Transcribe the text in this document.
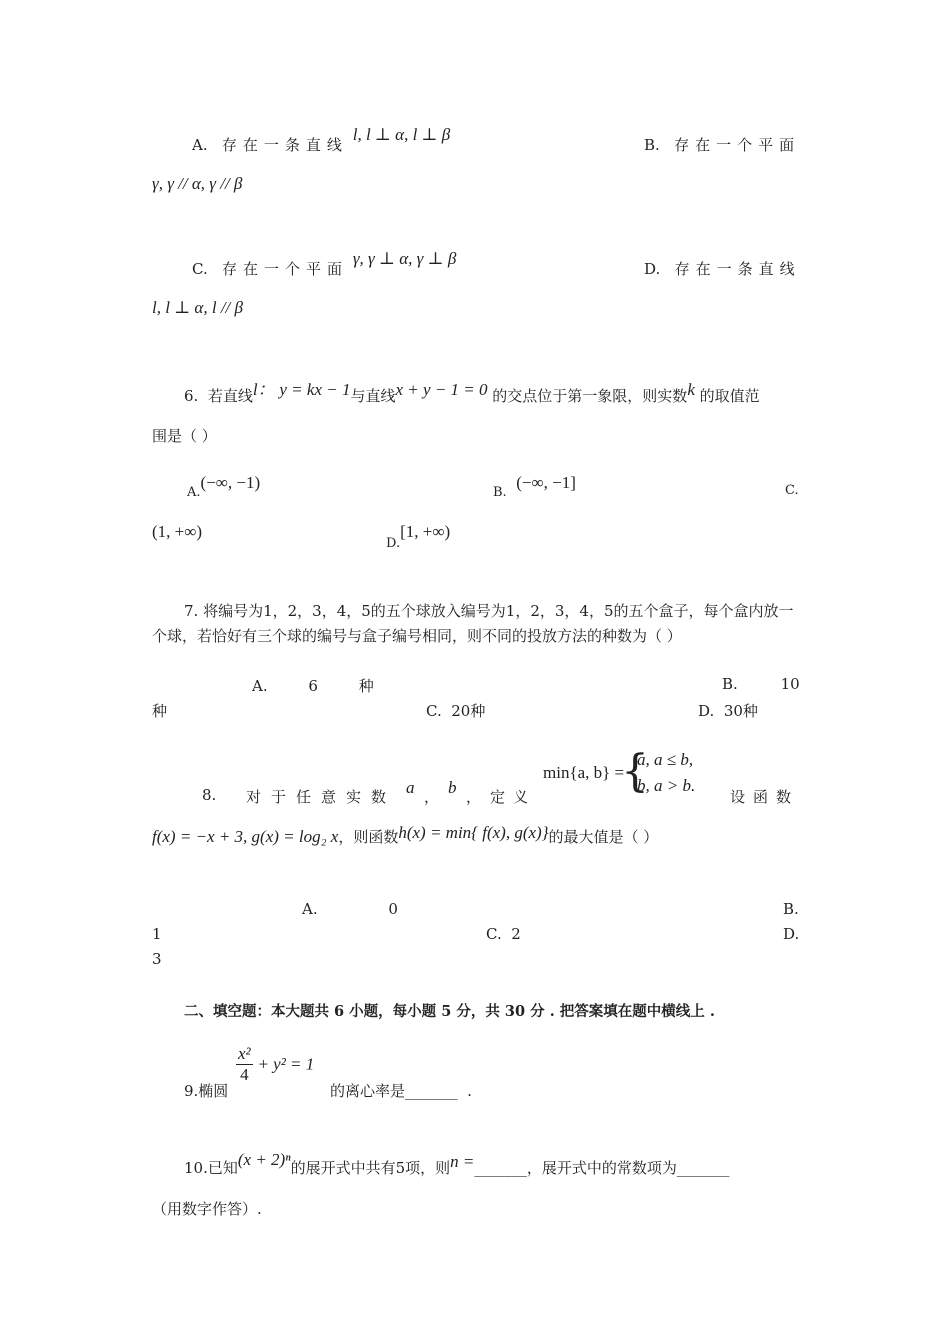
A. 存在一条直线 l, l ⊥ α, l ⊥ β
B. 存在一个平面
γ, γ // α, γ // β
C. 存在一个平面 γ, γ ⊥ α, γ ⊥ β
D. 存在一条直线
l, l ⊥ α, l // β
6. 若直线l： y = kx − 1与直线x + y − 1 = 0 的交点位于第一象限，则实数k 的取值范
围是（ ）
A.(−∞, −1)
B.  (−∞, −1]	C.
(1, +∞)
D.[1, +∞)
7. 将编号为1，2，3，4，5的五个球放入编号为1，2，3，4，5的五个盒子，每个盒内放一
个球，若恰好有三个球的编号与盒子编号相同，则不同的投放方法的种数为（ ）
A.	6	种	B.	10
种	C. 20种	D. 30种
8. 对于任意实数 a ， b ， 定义
min{a, b} =
{
a, a ≤ b,
b, a > b.
设函数
f(x) = −x + 3, g(x) = log₂ x，则函数h(x) = min{ f(x), g(x)}的最大值是（ ）
A.	0	B.
1	C. 2	D.
3
二、填空题：本大题共 6 小题，每小题 5 分，共 30 分 . 把答案填在题中横线上 .
9.椭圆
$\frac{\text{x²}}{4} + y^2 = 1$
的离心率是_______ .
10.已知(x + 2)ⁿ的展开式中共有5项，则n =_______，展开式中的常数项为_______
（用数字作答）.
